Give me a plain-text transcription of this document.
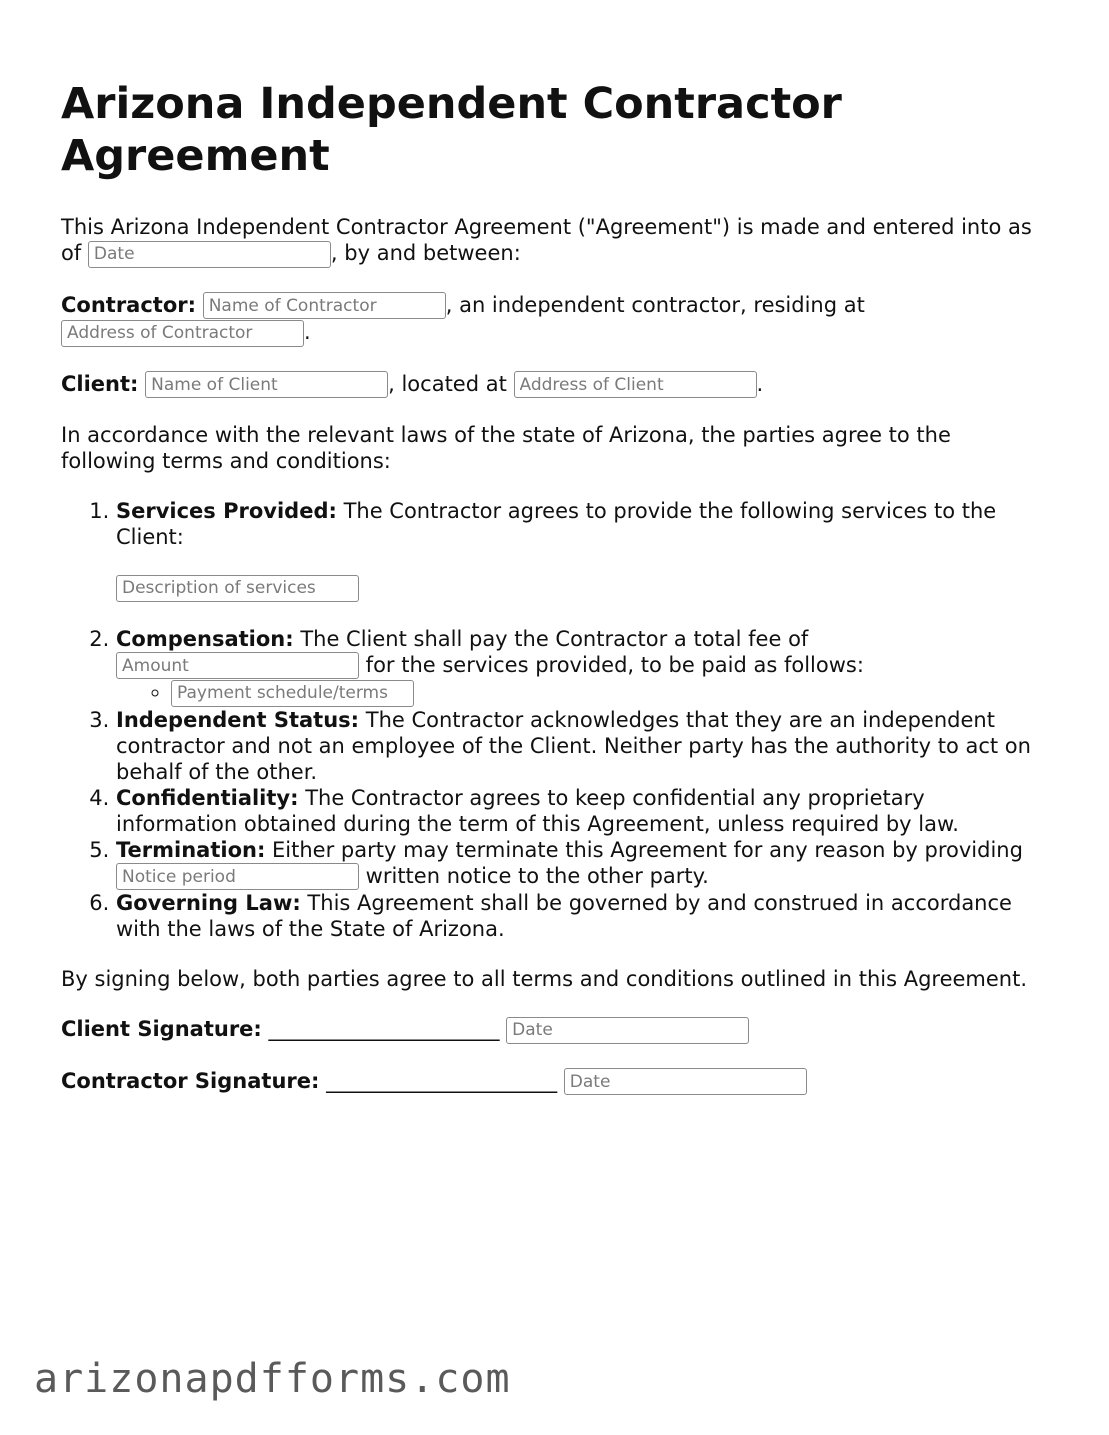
Arizona Independent Contractor Agreement

This Arizona Independent Contractor Agreement ("Agreement") is made and entered into as of Date	, by and between:

Contractor: Name of Contractor	, an independent contractor, residing at Address of Contractor.

Client: Name of Client	, located at Address of Client	.

In accordance with the relevant laws of the state of Arizona, the parties agree to the following terms and conditions:

1. Services Provided: The Contractor agrees to provide the following services to the Client:
Description of services
2. Compensation: The Client shall pay the Contractor a total fee of Amount for the services provided, to be paid as follows:
◦ Payment schedule/terms
3. Independent Status: The Contractor acknowledges that they are an independent contractor and not an employee of the Client. Neither party has the authority to act on behalf of the other.
4. Confidentiality: The Contractor agrees to keep confidential any proprietary information obtained during the term of this Agreement, unless required by law.
5. Termination: Either party may terminate this Agreement for any reason by providing Notice period written notice to the other party.
6. Governing Law: This Agreement shall be governed by and construed in accordance with the laws of the State of Arizona.

By signing below, both parties agree to all terms and conditions outlined in this Agreement.

Client Signature: ______________________ Date
Contractor Signature: ______________________ Date
arizonapdfforms.com
